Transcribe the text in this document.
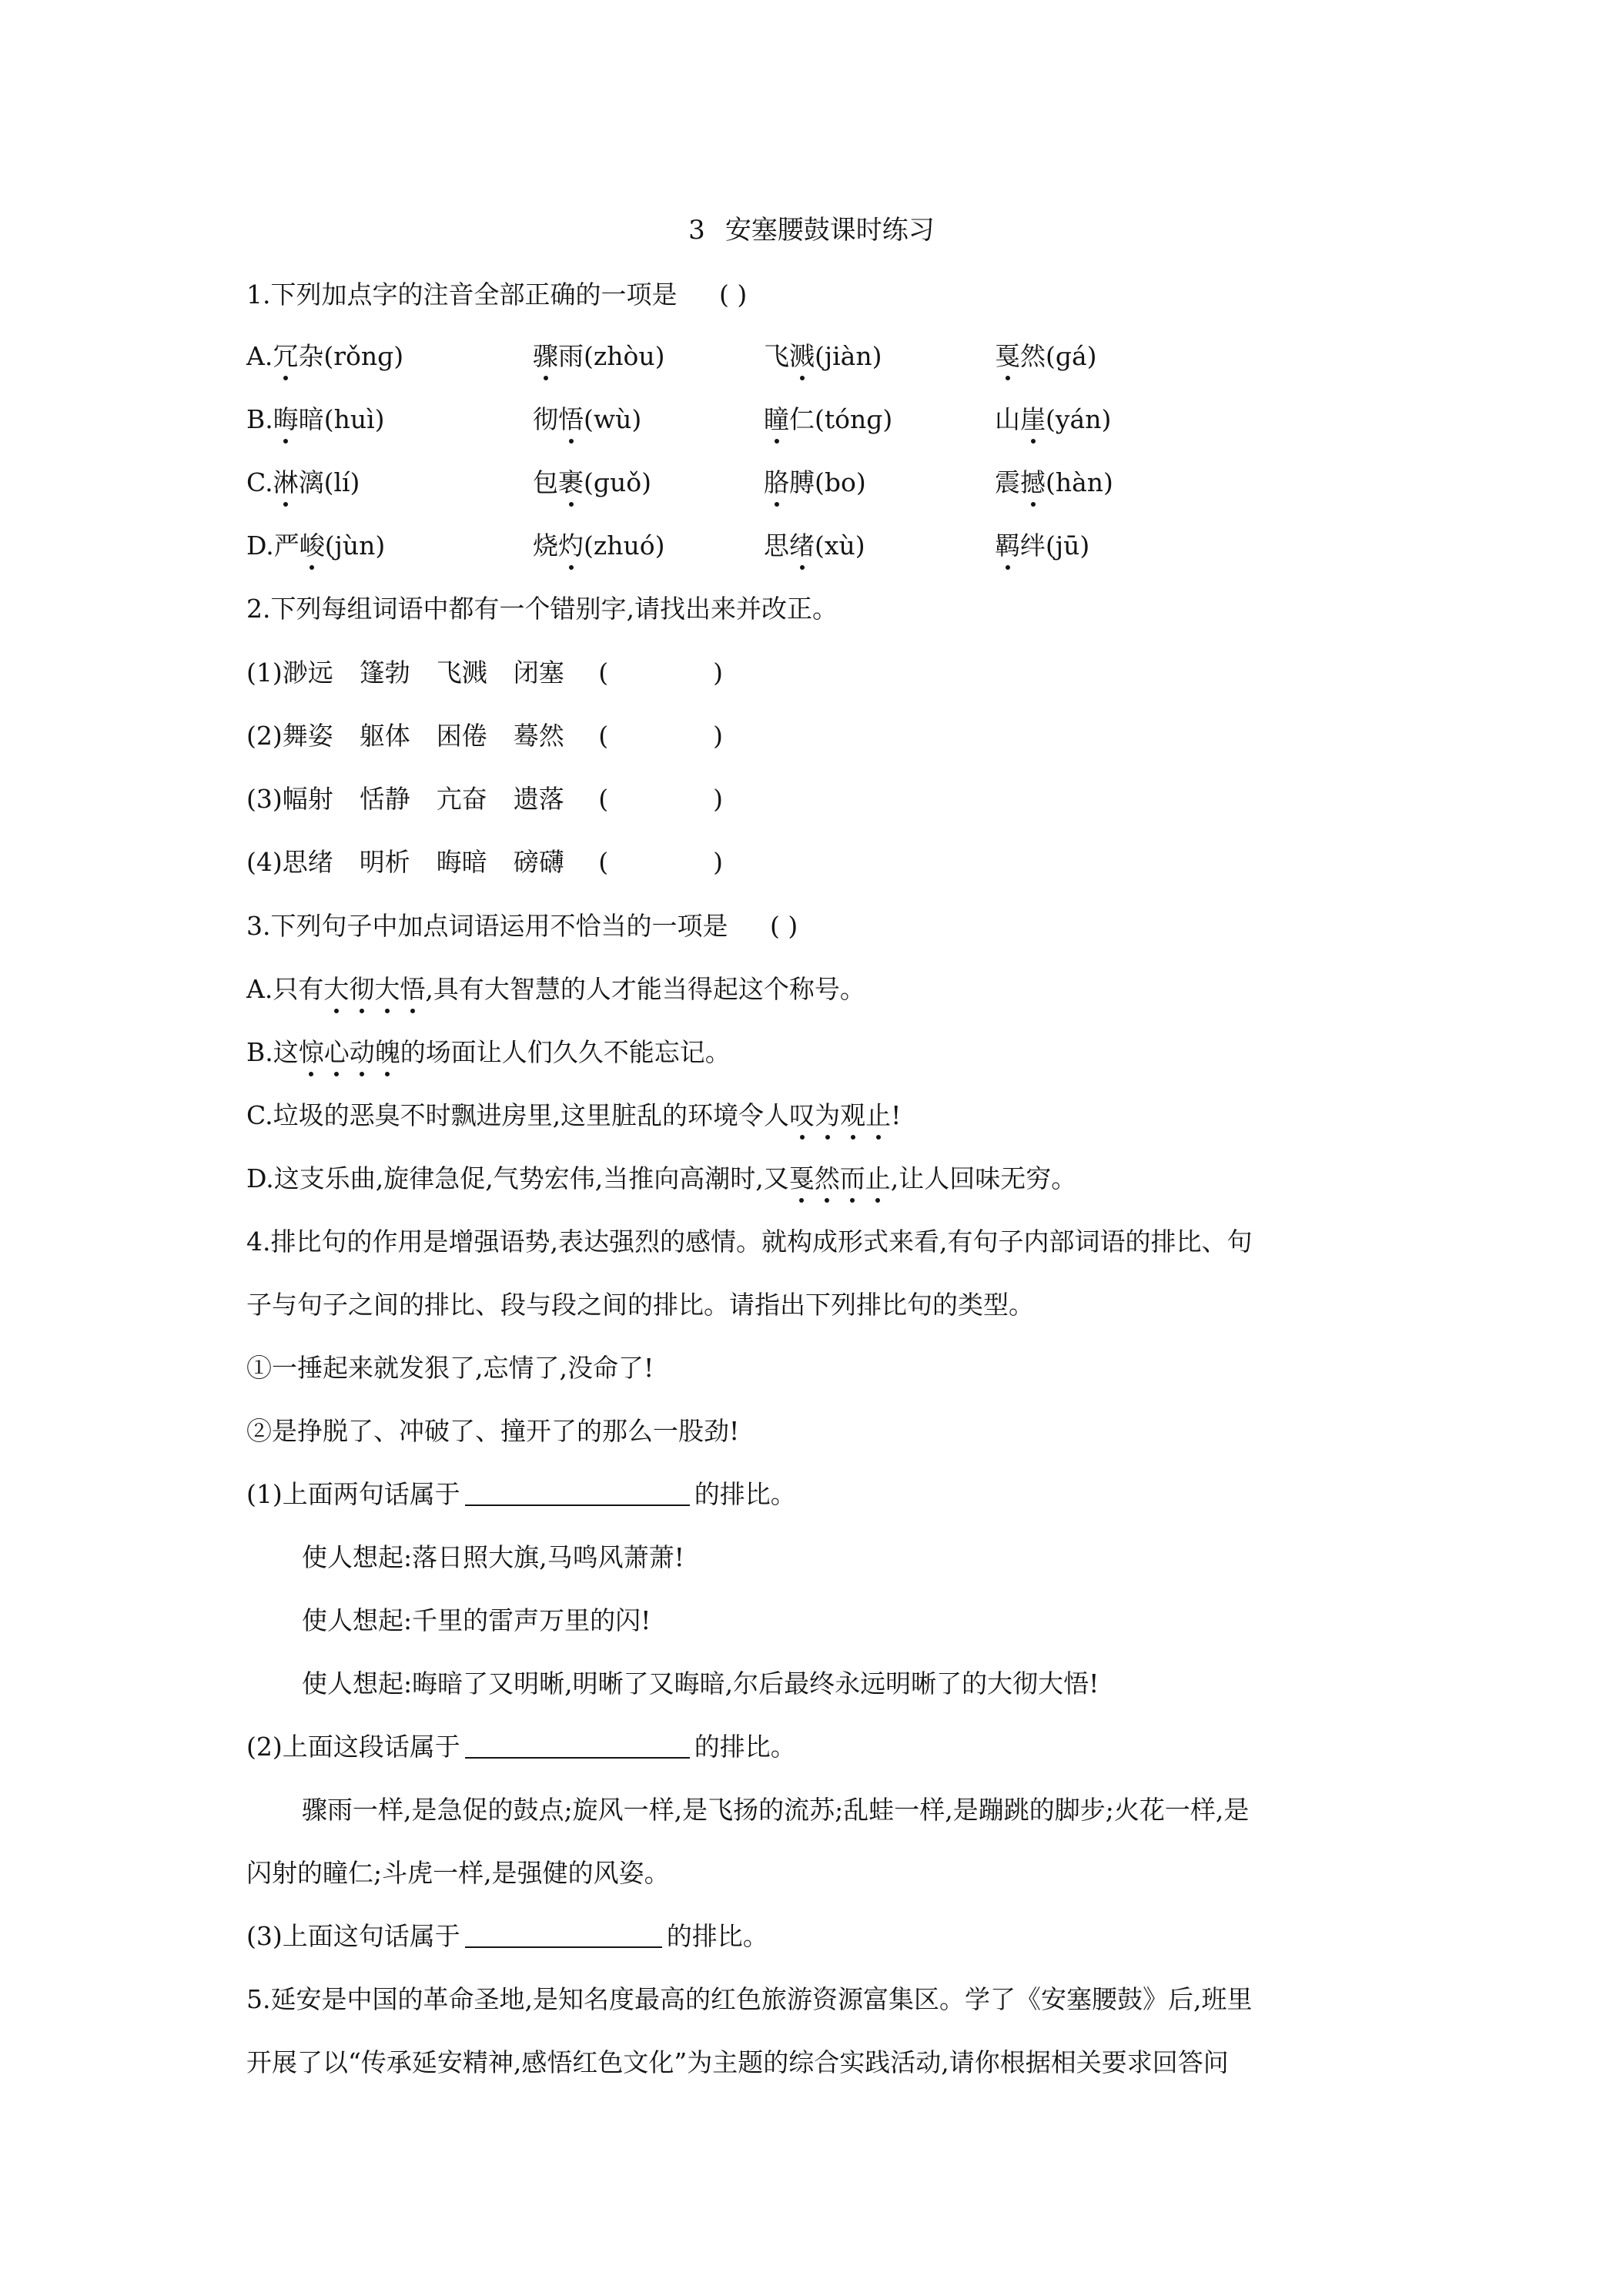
3 安塞腰鼓课时练习
1.下列加点字的注音全部正确的一项是 ( )
A.冗杂(rǒnɡ)	骤雨(zhòu)	飞溅(jiàn)	戛然(ɡá)
B.晦暗(huì)	彻悟(wù)	瞳仁(tónɡ)	山崖(yán)
C.淋漓(lí)	包裹(ɡuǒ)	胳膊(bo)	震撼(hàn)
D.严峻(jùn)	烧灼(zhuó)	思绪(xù)	羁绊(jū)
2.下列每组词语中都有一个错别字,请找出来并改正。
(1)渺远 篷勃 飞溅 闭塞 (	)
(2)舞姿 躯体 困倦 蓦然 (	)
(3)幅射 恬静 亢奋 遗落 (	)
(4)思绪 明析 晦暗 磅礴 (	)
3.下列句子中加点词语运用不恰当的一项是 ( )
A.只有大彻大悟,具有大智慧的人才能当得起这个称号。
B.这惊心动魄的场面让人们久久不能忘记。
C.垃圾的恶臭不时飘进房里,这里脏乱的环境令人叹为观止!
D.这支乐曲,旋律急促,气势宏伟,当推向高潮时,又戛然而止,让人回味无穷。
4.排比句的作用是增强语势,表达强烈的感情。就构成形式来看,有句子内部词语的排比、句
子与句子之间的排比、段与段之间的排比。请指出下列排比句的类型。
①一捶起来就发狠了,忘情了,没命了!
②是挣脱了、冲破了、撞开了的那么一股劲!
(1)上面两句话属于	的排比。
使人想起:落日照大旗,马鸣风萧萧!
使人想起:千里的雷声万里的闪!
使人想起:晦暗了又明晰,明晰了又晦暗,尔后最终永远明晰了的大彻大悟!
(2)上面这段话属于	的排比。
骤雨一样,是急促的鼓点;旋风一样,是飞扬的流苏;乱蛙一样,是蹦跳的脚步;火花一样,是
闪射的瞳仁;斗虎一样,是强健的风姿。
(3)上面这句话属于	的排比。
5.延安是中国的革命圣地,是知名度最高的红色旅游资源富集区。学了《安塞腰鼓》后,班里
开展了以“传承延安精神,感悟红色文化”为主题的综合实践活动,请你根据相关要求回答问
